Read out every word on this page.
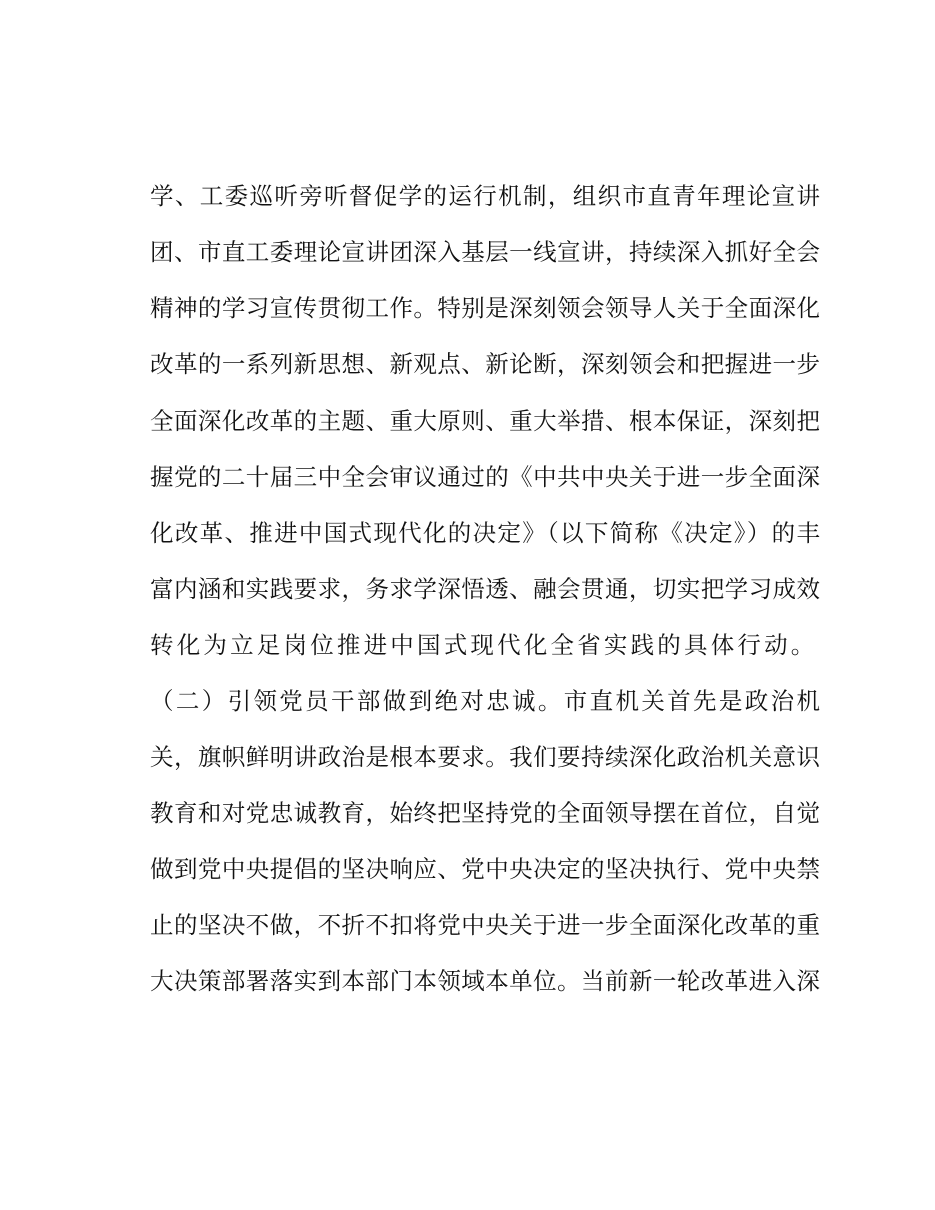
学、工委巡听旁听督促学的运行机制，组织市直青年理论宣讲
团、市直工委理论宣讲团深入基层一线宣讲，持续深入抓好全会
精神的学习宣传贯彻工作。特别是深刻领会领导人关于全面深化
改革的一系列新思想、新观点、新论断，深刻领会和把握进一步
全面深化改革的主题、重大原则、重大举措、根本保证，深刻把
握党的二十届三中全会审议通过的《中共中央关于进一步全面深
化改革、推进中国式现代化的决定》（以下简称《决定》）的丰
富内涵和实践要求，务求学深悟透、融会贯通，切实把学习成效
转化为立足岗位推进中国式现代化全省实践的具体行动。
（二）引领党员干部做到绝对忠诚。市直机关首先是政治机
关，旗帜鲜明讲政治是根本要求。我们要持续深化政治机关意识
教育和对党忠诚教育，始终把坚持党的全面领导摆在首位，自觉
做到党中央提倡的坚决响应、党中央决定的坚决执行、党中央禁
止的坚决不做，不折不扣将党中央关于进一步全面深化改革的重
大决策部署落实到本部门本领域本单位。当前新一轮改革进入深
